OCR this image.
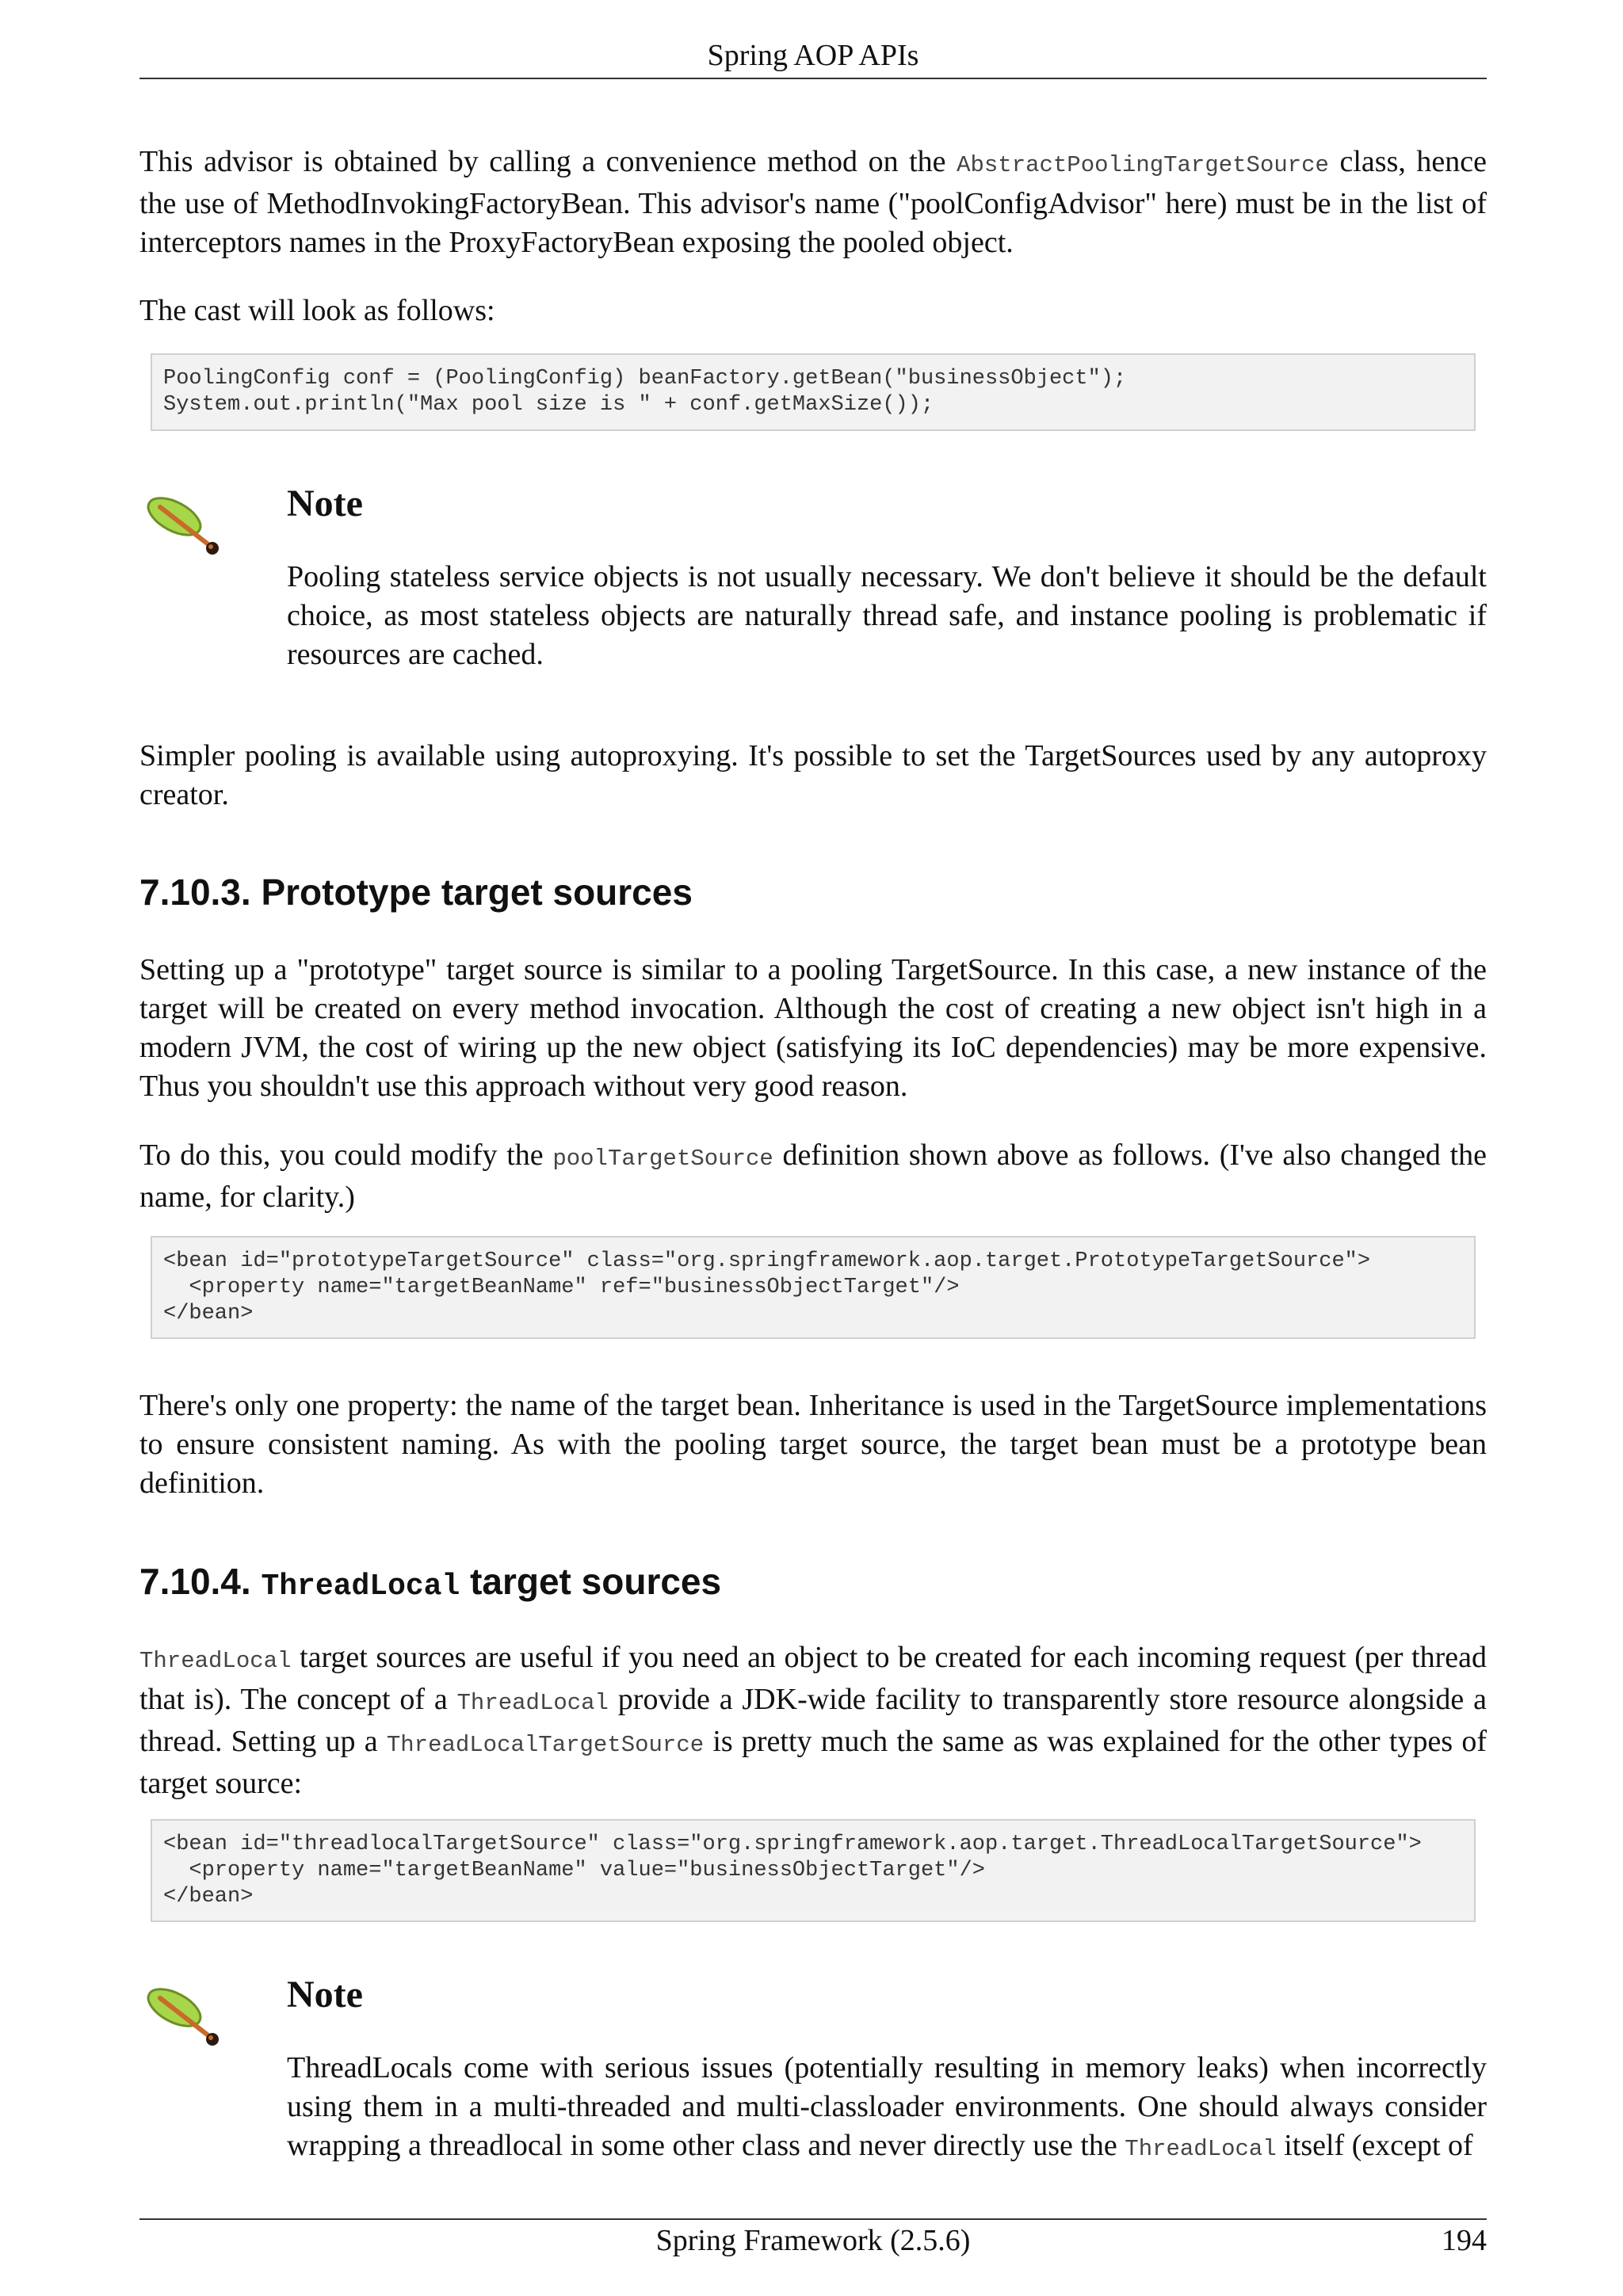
Spring AOP APIs

This advisor is obtained by calling a convenience method on the AbstractPoolingTargetSource class, hence the use of MethodInvokingFactoryBean. This advisor's name ("poolConfigAdvisor" here) must be in the list of interceptors names in the ProxyFactoryBean exposing the pooled object.

The cast will look as follows:

PoolingConfig conf = (PoolingConfig) beanFactory.getBean("businessObject");
System.out.println("Max pool size is " + conf.getMaxSize());
Note

Pooling stateless service objects is not usually necessary. We don't believe it should be the default choice, as most stateless objects are naturally thread safe, and instance pooling is problematic if resources are cached.

Simpler pooling is available using autoproxying. It's possible to set the TargetSources used by any autoproxy creator.

7.10.3. Prototype target sources

Setting up a "prototype" target source is similar to a pooling TargetSource. In this case, a new instance of the target will be created on every method invocation. Although the cost of creating a new object isn't high in a modern JVM, the cost of wiring up the new object (satisfying its IoC dependencies) may be more expensive. Thus you shouldn't use this approach without very good reason.

To do this, you could modify the poolTargetSource definition shown above as follows. (I've also changed the name, for clarity.)

<bean id="prototypeTargetSource" class="org.springframework.aop.target.PrototypeTargetSource">
<property name="targetBeanName" ref="businessObjectTarget"/>
</bean>

There's only one property: the name of the target bean. Inheritance is used in the TargetSource implementations to ensure consistent naming. As with the pooling target source, the target bean must be a prototype bean definition.

7.10.4. ThreadLocal target sources

ThreadLocal target sources are useful if you need an object to be created for each incoming request (per thread that is). The concept of a ThreadLocal provide a JDK-wide facility to transparently store resource alongside a thread. Setting up a ThreadLocalTargetSource is pretty much the same as was explained for the other types of target source:

<bean id="threadlocalTargetSource" class="org.springframework.aop.target.ThreadLocalTargetSource">
<property name="targetBeanName" value="businessObjectTarget"/>
</bean>
Note

ThreadLocals come with serious issues (potentially resulting in memory leaks) when incorrectly using them in a multi-threaded and multi-classloader environments. One should always consider wrapping a threadlocal in some other class and never directly use the ThreadLocal itself (except of

Spring Framework (2.5.6)	194
